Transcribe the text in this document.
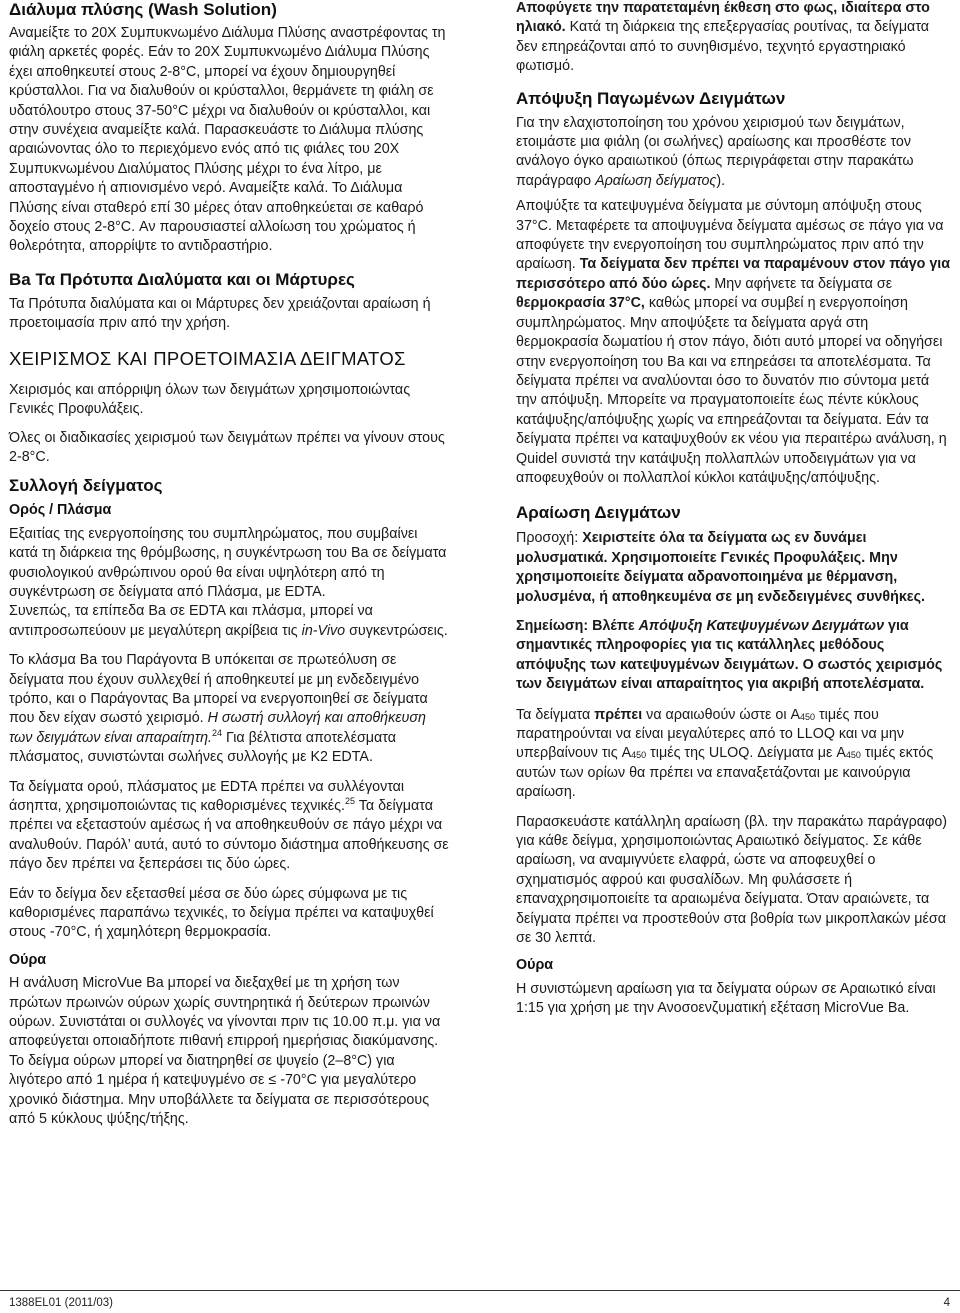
Διάλυμα πλύσης (Wash Solution)

Αναμείξτε το 20X Συμπυκνωμένο Διάλυμα Πλύσης αναστρέφοντας τη φιάλη αρκετές φορές. Εάν το 20X Συμπυκνωμένο Διάλυμα Πλύσης έχει αποθηκευτεί στους 2-8°C, μπορεί να έχουν δημιουργηθεί κρύσταλλοι. Για να διαλυθούν οι κρύσταλλοι, θερμάνετε τη φιάλη σε υδατόλουτρο στους 37-50°C μέχρι να διαλυθούν οι κρύσταλλοι, και στην συνέχεια αναμείξτε καλά. Παρασκευάστε το Διάλυμα πλύσης αραιώνοντας όλο το περιεχόμενο ενός από τις φιάλες του 20X Συμπυκνωμένου Διαλύματος Πλύσης μέχρι το ένα λίτρο, με αποσταγμένο ή απιονισμένο νερό. Αναμείξτε καλά. Το Διάλυμα Πλύσης είναι σταθερό επί 30 μέρες όταν αποθηκεύεται σε καθαρό δοχείο στους 2-8°C. Αν παρουσιαστεί αλλοίωση του χρώματος ή θολερότητα, απορρίψτε το αντιδραστήριο.

Ba Τα Πρότυπα Διαλύματα και οι Μάρτυρες

Τα Πρότυπα διαλύματα και οι Μάρτυρες δεν χρειάζονται αραίωση ή προετοιμασία πριν από την χρήση.

ΧΕΙΡΙΣΜΟΣ ΚΑΙ ΠΡΟΕΤΟΙΜΑΣΙΑ ΔΕΙΓΜΑΤΟΣ

Χειρισμός και απόρριψη όλων των δειγμάτων χρησιμοποιώντας Γενικές Προφυλάξεις.

Όλες οι διαδικασίες χειρισμού των δειγμάτων πρέπει να γίνουν στους 2-8°C.

Συλλογή δείγματος

Ορός / Πλάσμα

Εξαιτίας της ενεργοποίησης του συμπληρώματος, που συμβαίνει κατά τη διάρκεια της θρόμβωσης, η συγκέντρωση του Ba σε δείγματα φυσιολογικού ανθρώπινου ορού θα είναι υψηλότερη από τη συγκέντρωση σε δείγματα από Πλάσμα, με EDTA.

Συνεπώς, τα επίπεδα Ba σε EDTA και πλάσμα, μπορεί να αντιπροσωπεύουν με μεγαλύτερη ακρίβεια τις in-Vivo συγκεντρώσεις.

Το κλάσμα Ba του Παράγοντα B υπόκειται σε πρωτεόλυση σε δείγματα που έχουν συλλεχθεί ή αποθηκευτεί με μη ενδεδειγμένο τρόπο, και ο Παράγοντας Ba μπορεί να ενεργοποιηθεί σε δείγματα που δεν είχαν σωστό χειρισμό. Η σωστή συλλογή και αποθήκευση των δειγμάτων είναι απαραίτητη.$^{24}$ Για βέλτιστα αποτελέσματα πλάσματος, συνιστώνται σωλήνες συλλογής με K2 EDTA.

Τα δείγματα ορού, πλάσματος με EDTA πρέπει να συλλέγονται άσηπτα, χρησιμοποιώντας τις καθορισμένες τεχνικές.$^{25}$ Τα δείγματα πρέπει να εξεταστούν αμέσως ή να αποθηκευθούν σε πάγο μέχρι να αναλυθούν. Παρόλ’ αυτά, αυτό το σύντομο διάστημα αποθήκευσης σε πάγο δεν πρέπει να ξεπεράσει τις δύο ώρες.

Εάν το δείγμα δεν εξετασθεί μέσα σε δύο ώρες σύμφωνα με τις καθορισμένες παραπάνω τεχνικές, το δείγμα πρέπει να καταψυχθεί στους -70°C, ή χαμηλότερη θερμοκρασία.

Ούρα

Η ανάλυση MicroVue Ba μπορεί να διεξαχθεί με τη χρήση των πρώτων πρωινών ούρων χωρίς συντηρητικά ή δεύτερων πρωινών ούρων. Συνιστάται οι συλλογές να γίνονται πριν τις 10.00 π.μ. για να αποφεύγεται οποιαδήποτε πιθανή επιρροή ημερήσιας διακύμανσης. Το δείγμα ούρων μπορεί να διατηρηθεί σε ψυγείο (2–8°C) για λιγότερο από 1 ημέρα ή κατεψυγμένο σε ≤ -70°C για μεγαλύτερο χρονικό διάστημα. Μην υποβάλλετε τα δείγματα σε περισσότερους από 5 κύκλους ψύξης/τήξης.

Αποφύγετε την παρατεταμένη έκθεση στο φως, ιδιαίτερα στο ηλιακό. Κατά τη διάρκεια της επεξεργασίας ρουτίνας, τα δείγματα δεν επηρεάζονται από το συνηθισμένο, τεχνητό εργαστηριακό φωτισμό.

Απόψυξη Παγωμένων Δειγμάτων

Για την ελαχιστοποίηση του χρόνου χειρισμού των δειγμάτων, ετοιμάστε μια φιάλη (οι σωλήνες) αραίωσης και προσθέστε τον ανάλογο όγκο αραιωτικού (όπως περιγράφεται στην παρακάτω παράγραφο Αραίωση δείγματος).

Αποψύξτε τα κατεψυγμένα δείγματα με σύντομη απόψυξη στους 37°C. Μεταφέρετε τα αποψυγμένα δείγματα αμέσως σε πάγο για να αποφύγετε την ενεργοποίηση του συμπληρώματος πριν από την αραίωση. Τα δείγματα δεν πρέπει να παραμένουν στον πάγο για περισσότερο από δύο ώρες. Μην αφήνετε τα δείγματα σε θερμοκρασία 37°C, καθώς μπορεί να συμβεί η ενεργοποίηση συμπληρώματος. Μην αποψύξετε τα δείγματα αργά στη θερμοκρασία δωματίου ή στον πάγο, διότι αυτό μπορεί να οδηγήσει στην ενεργοποίηση του Ba και να επηρεάσει τα αποτελέσματα. Τα δείγματα πρέπει να αναλύονται όσο το δυνατόν πιο σύντομα μετά την απόψυξη. Μπορείτε να πραγματοποιείτε έως πέντε κύκλους κατάψυξης/απόψυξης χωρίς να επηρεάζονται τα δείγματα. Εάν τα δείγματα πρέπει να καταψυχθούν εκ νέου για περαιτέρω ανάλυση, η Quidel συνιστά την κατάψυξη πολλαπλών υποδειγμάτων για να αποφευχθούν οι πολλαπλοί κύκλοι κατάψυξης/απόψυξης.

Αραίωση Δειγμάτων

Προσοχή: Χειριστείτε όλα τα δείγματα ως εν δυνάμει μολυσματικά. Χρησιμοποιείτε Γενικές Προφυλάξεις. Μην χρησιμοποιείτε δείγματα αδρανοποιημένα με θέρμανση, μολυσμένα, ή αποθηκευμένα σε μη ενδεδειγμένες συνθήκες.

Σημείωση: Βλέπε Απόψυξη Κατεψυγμένων Δειγμάτων για σημαντικές πληροφορίες για τις κατάλληλες μεθόδους απόψυξης των κατεψυγμένων δειγμάτων. Ο σωστός χειρισμός των δειγμάτων είναι απαραίτητος για ακριβή αποτελέσματα.

Τα δείγματα πρέπει να αραιωθούν ώστε οι $A_{450}$ τιμές που παρατηρούνται να είναι μεγαλύτερες από το LLOQ και να μην υπερβαίνουν τις $A_{450}$ τιμές της ULOQ. Δείγματα με $A_{450}$ τιμές εκτός αυτών των ορίων θα πρέπει να επαναξετάζονται με καινούργια αραίωση.

Παρασκευάστε κατάλληλη αραίωση (βλ. την παρακάτω παράγραφο) για κάθε δείγμα, χρησιμοποιώντας Αραιωτικό δείγματος. Σε κάθε αραίωση, να αναμιγνύετε ελαφρά, ώστε να αποφευχθεί ο σχηματισμός αφρού και φυσαλίδων. Μη φυλάσσετε ή επαναχρησιμοποιείτε τα αραιωμένα δείγματα. Όταν αραιώνετε, τα δείγματα πρέπει να προστεθούν στα βοθρία των μικροπλακών μέσα σε 30 λεπτά.

Ούρα

Η συνιστώμενη αραίωση για τα δείγματα ούρων σε Αραιωτικό είναι 1:15 για χρήση με την Ανοσοενζυματική εξέταση MicroVue Ba.

1388EL01 (2011/03)	4
